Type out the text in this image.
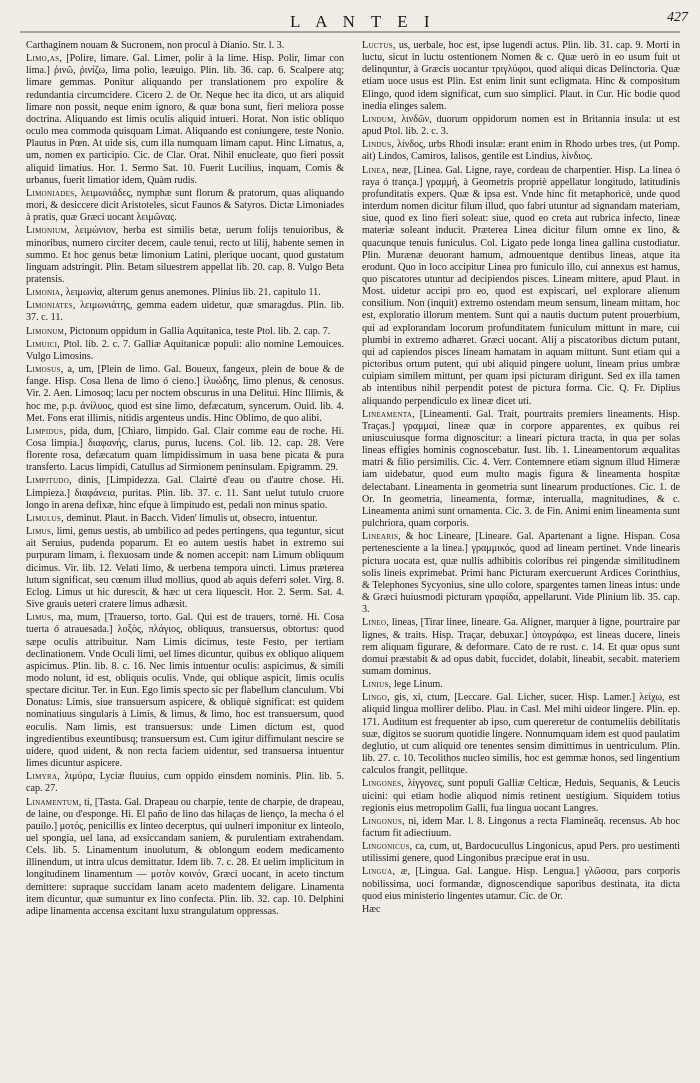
L A N T E I	427

Carthaginem nouam & Sucronem, non procul à Dianio. Str. l. 3.

Limo,as, [Polire, limare. Gal. Limer, polir à la lime. Hisp. Polir, limar con lima.] ῥινῶ, ῥινίζω, lima polio, leæuigo. Plin. lib. 36. cap. 6. Scalpere atq; limare gemmas. Ponitur aliquando per translationem pro expolire & redundantia circumcidere. Cicero 2. de Or. Neque hec ita dico, ut ars aliquid limare non possit, neque enim ignoro, & quæ bona sunt, fieri meliora posse doctrina. Aliquando est limis oculis aliquid intueri. Horat. Non istic obliquo oculo mea commoda quisquam Limat. Aliquando est coniungere, teste Nonio. Plautus in Pœn. At uide sis, cum illa numquam limam caput. Hinc Limatus, a, um, nomen ex participio. Cic. de Clar. Orat. Nihil enucleate, quo fieri possit aliquid limatius. Hor. 1. Sermo Sat. 10. Fuerit Lucilius, inquam, Comis & urbanus, fuerit limatior idem, Quàm rudis.

Limoniades, λειμωνιάδες, nymphæ sunt florum & pratorum, quas aliquando mori, & desiccere dicit Aristoteles, sicut Faunos & Satyros. Dictæ Limoniades à pratis, quæ Græci uocant λειμῶνας.

Limonium, λειμώνιον, herba est similis betæ, uerum folijs tenuioribus, & minoribus, numero circiter decem, caule tenui, recto ut lilij, habente semen in summo. Et hoc genus betæ limonium Latini, plerique uocant, quod gustatum linguam adstringit. Plin. Betam siluestrem appellat lib. 20. cap. 8. Vulgo Beta pratensis.

Limonia, λειμωνία, alterum genus anemones. Plinius lib. 21. capitulo 11.

Limoniates, λειμωνιάτης, gemma eadem uidetur, quæ smaragdus. Plin. lib. 37. c. 11.

Limonum, Pictonum oppidum in Gallia Aquitanica, teste Ptol. lib. 2. cap. 7.

Limuici, Ptol. lib. 2. c. 7. Galliæ Aquitanicæ populi: alio nomine Lemouices. Vulgo Limosins.

Limosus, a, um, [Plein de limo. Gal. Boueux, fangeux, plein de boue & de fange. Hisp. Cosa llena de limo ó cieno.] ἰλυώδης, limo plenus, & cenosus. Vir. 2. Aen. Limosoq; lacu per noctem obscurus in una Delitui. Hinc Illimis, & hoc me, p.p. ἀνίλυος, quod est sine limo, defæcatum, syncerum. Ouid. lib. 4. Met. Fons erat illimis, nitidis argenteus undis. Hinc Oblimo, de quo alibi.

Limpidus, pida, dum, [Chiaro, limpido. Gal. Clair comme eau de roche. Hi. Cosa limpia.] διαφανής, clarus, purus, lucens. Col. lib. 12. cap. 28. Vere florente rosa, defæcatum quam limpidissimum in uasa bene picata & pura transferto. Lacus limpidi, Catullus ad Sirmionem peninsulam. Epigramm. 29.

Limpitudo, dinis, [Limpidezza. Gal. Clairté d'eau ou d'autre chose. Hi. Limpieza.] διαφάνεια, puritas. Plin. lib. 37. c. 11. Sant uelut tutulo cruore longo in arena defixæ, hinc efque à limpitudo est, pedali non minus spatio.

Limulus, deminut. Plaut. in Bacch. Viden' limulis ut, obsecro, intuentur.

Limus, limi, genus uestis, ab umbilico ad pedes pertingens, qua teguntur, sicut ait Seruius, pudenda poparum. Et eo autem uestis habet in extremo sui purpuram limam, i. flexuosam unde & nomen accepit: nam Limum obliquum dicimus. Vir. lib. 12. Velati limo, & uerbena tempora uincti. Limus præterea lutum significat, seu cœnum illud mollius, quod ab aquis deferri solet. Virg. 8. Eclog. Limus ut hic durescit, & hæc ut cera liquescit. Hor. 2. Serm. Sat. 4. Sive grauis ueteri cratere limus adhæsit.

Limus, ma, mum, [Trauerso, torto. Gal. Qui est de trauers, torné. Hi. Cosa tuerta ó atrauesada.] λοξὸς, πλάγιος, obliquus, transuersus, obtortus: quod sæpe oculis attribuitur. Nam Limis dicimus, teste Festo, per tertiam declinationem. Vnde Oculi limi, uel limes dicuntur, quibus ex obliquo aliquem aspicimus. Plin. lib. 8. c. 16. Nec limis intuentur oculis: aspicimus, & simili modo nolunt, id est, obliquis oculis. Vnde, qui oblique aspicit, limis oculis spectare dicitur. Ter. in Eun. Ego limis specto sic per flabellum clanculum. Vbi Donatus: Limis, siue transuersum aspicere, & obliquè significat: est quidem nominatiuus singularis à Limis, & limus, & limo, hoc est transuersum, quod eoculis. Nam limis, est transuersus: unde Limen dictum est, quod ingredientibus exeuntibusq; transuersum est. Cum igitur diffimulant nescire se uidere, quod uident, & non recta faciem uidentur, sed transuersa intuentur limes dicuntur aspicere.

Limyra, λιμύρα, Lyciæ fluuius, cum oppido einsdem nominis. Plin. lib. 5. cap. 27.

Linamentum, ti, [Tasta. Gal. Drapeau ou charpie, tente de charpie, de drapeau, de laine, ou d'esponge. Hi. El paño de lino das hilaças de lienço, la mecha ó el pauilo.] μοτός, penicillis ex linteo decerptus, qui uulneri imponitur ex linteolo, uel spongia, uel lana, ad exsiccandam saniem, & purulentiam extrahendam. Cels. lib. 5. Linamentum inuolutum, & oblongum eodem medicamento illinendum, ut intra ulcus demittatur. Idem lib. 7. c. 28. Et uelim implicitum in longitudinem linamentum — μοτὸν κοινόν, Græci uocant, in aceto tinctum demittere: supraque succidam lanam aceto madentem deligare. Linamenta item dicuntur, quæ sumuntur ex lino confecta. Plin. lib. 32. cap. 10. Delphini adipe linamenta accensa excitant luxu strangulatum oppressas.

Luctus, us, uerbale, hoc est, ipse lugendi actus. Plin. lib. 31. cap. 9. Morti in luctu, sicut in luctu ostentionem Nomen & c. Quæ uerò in eo usum fuit ut delinquntur, à Græcis uocantur τριγλύφοι, quod aliqui dicas Delinctoria. Quæ etiam uoce usus est Plin. Est enim linit sunt ecligmata. Hinc & compositum Elingo, quod idem significat, cum suo simplici. Plaut. in Cur. Hic bodie quod inedia elinges salem.

Lindum, λινδῶν, duorum oppidorum nomen est in Britannia insula: ut est apud Ptol. lib. 2. c. 3.

Lindus, λίνδος, urbs Rhodi insulæ: erant enim in Rhodo urbes tres, (ut Pomp. ait) Lindos, Camiros, Ialisos, gentile est Lindius, λίνδιος.

Linea, neæ, [Linea. Gal. Ligne, raye, cordeau de charpentier. Hisp. La linea ó raya ó trança.] γραμμή, à Geometris propriè appellatur longitudo, latitudinis profunditatis expers. Quæ & ipsa est. Vnde hinc fit metaphoricè, unde quod interdum nomen dicitur filum illud, quo fabri utuntur ad signandam materiam, siue, quod ex lino fieri soleat: siue, quod eo creta aut rubrica infecto, lineæ materiæ soleant inducit. Præterea Linea dicitur filum omne ex lino, & quacunque tenuis funiculus. Col. Ligato pede longa linea gallina custodiatur. Plin. Murænæ deuorant hamum, admouentque dentibus lineas, atque ita erodunt. Quo in loco accipitur Linea pro funiculo illo, cui annexus est hamus, quo piscatores utuntur ad decipiendos pisces. Lineam mittere, apud Plaut. in Most. uidetur accipi pro eo, quod est expiscari, uel explorare alienum consilium. Non (inquit) extremo ostendam meum sensum, lineam mittam, hoc est, exploratio illorum mentem. Sunt qui a nautis ductum putent prouerbium, qui ad explorandam locorum profunditatem funiculum mittunt in mare, cui plumbi in extremo adhæret. Græci uocant. Alij a piscatoribus dictum putant, qui ad capiendos pisces lineam hamatam in aquam mittunt. Sunt etiam qui a pictoribus ortum putent, qui ubi aliquid pingere uolunt, lineam prius umbræ cuipiam similem mittunt, per quam ipsi picturam dirigunt. Sed ex illa tamen ab intentibus nihil perpendit potest de pictura forma. Cic. Q. Fr. Diplius aliquando perpendiculo ex lineæ dicet uti.

Lineamenta, [Lineamenti. Gal. Trait, pourtraits premiers lineaments. Hisp. Traças.] γραμμαί, lineæ quæ in corpore apparentes, ex quibus rei uniuscuiusque forma dignoscitur: a lineari pictura tracta, in qua per solas lineas effigies hominis cognoscebatur. Iust. lib. 1. Lineamentorum æqualitas matri & filio persimilis. Cic. 4. Verr. Contemnere etiam signum illud Himeræ iam uidebatur, quod eum multo magis figura & lineamenta hospitæ delectabant. Lineamenta in geometria sunt linearum productiones. Cic. 1. de Or. In geometria, lineamenta, formæ, interualla, magnitudines, & c. Lineamenta animi sunt ornamenta. Cic. 3. de Fin. Animi enim lineamenta sunt pulchriora, quam corporis.

Linearis, & hoc Lineare, [Lineare. Gal. Apartenant a ligne. Hispan. Cosa pertenesciente a la linea.] γραμμικός, quod ad lineam pertinet. Vnde linearis pictura uocata est, quæ nullis adhibitis coloribus rei pingendæ similitudinem solis lineis exprimebat. Primi hanc Picturam exercuerunt Ardices Corinthius, & Telephones Sycyonius, sine ullo colore, spargentes tamen lineas intus: unde & Græci huiusmodi picturam γραφίδα, appellarunt. Vide Plinium lib. 35. cap. 3.

Lineo, lineas, [Tirar linee, lineare. Ga. Aligner, marquer à ligne, pourtraire par lignes, & traits. Hisp. Traçar, debuxar.] ὑπογράφω, est lineas ducere, lineis rem aliquam figurare, & deformare. Cato de re rust. c. 14. Et quæ opus sunt domui præstabit & ad opus dabit, fuccidet, dolabit, lineabit, secabit. materiem sumam dominus.

Linius, lege Linum.

Lingo, gis, xi, ctum, [Leccare. Gal. Licher, sucer. Hisp. Lamer.] λείχω, est aliquid lingua mollirer delibo. Plau. in Casl. Mel mihi uideor lingere. Plin. ep. 171. Auditum est frequenter ab ipso, cum quereretur de contumeliis debilitatis suæ, digitos se suorum quotidie lingere. Nonnumquam idem est quod paulatim deglutio, ut cum aliquid ore tenentes sensim dimittimus in uentriculum. Plin. lib. 27. c. 10. Tecolithos nucleo similis, hoc est gemmæ honos, sed lingentium calculos frangit, pellitque.

Lingones, λίγγονες, sunt populi Galliæ Celticæ, Heduis, Sequanis, & Leucis uicini: qui etiam hodie aliquod nimis retinent uestigium. Siquidem totius regionis eius metropolim Galli, fua lingua uocant Langres.

Lingonus, ni, idem Mar. l. 8. Lingonus a recta Flamineâq. recensus. Ab hoc factum fit adiectiuum.

Lingonicus, ca, cum, ut, Bardocucullus Lingonicus, apud Pers. pro uestimenti utilissimi genere, quod Lingonibus præcipue erat in usu.

Lingua, æ, [Lingua. Gal. Langue. Hisp. Lengua.] γλῶσσα, pars corporis nobilissima, uoci formandæ, dignoscendique saporibus destinata, ita dicta quod eius ministerio lingentes utamur. Cic. de Or.

Hæc
